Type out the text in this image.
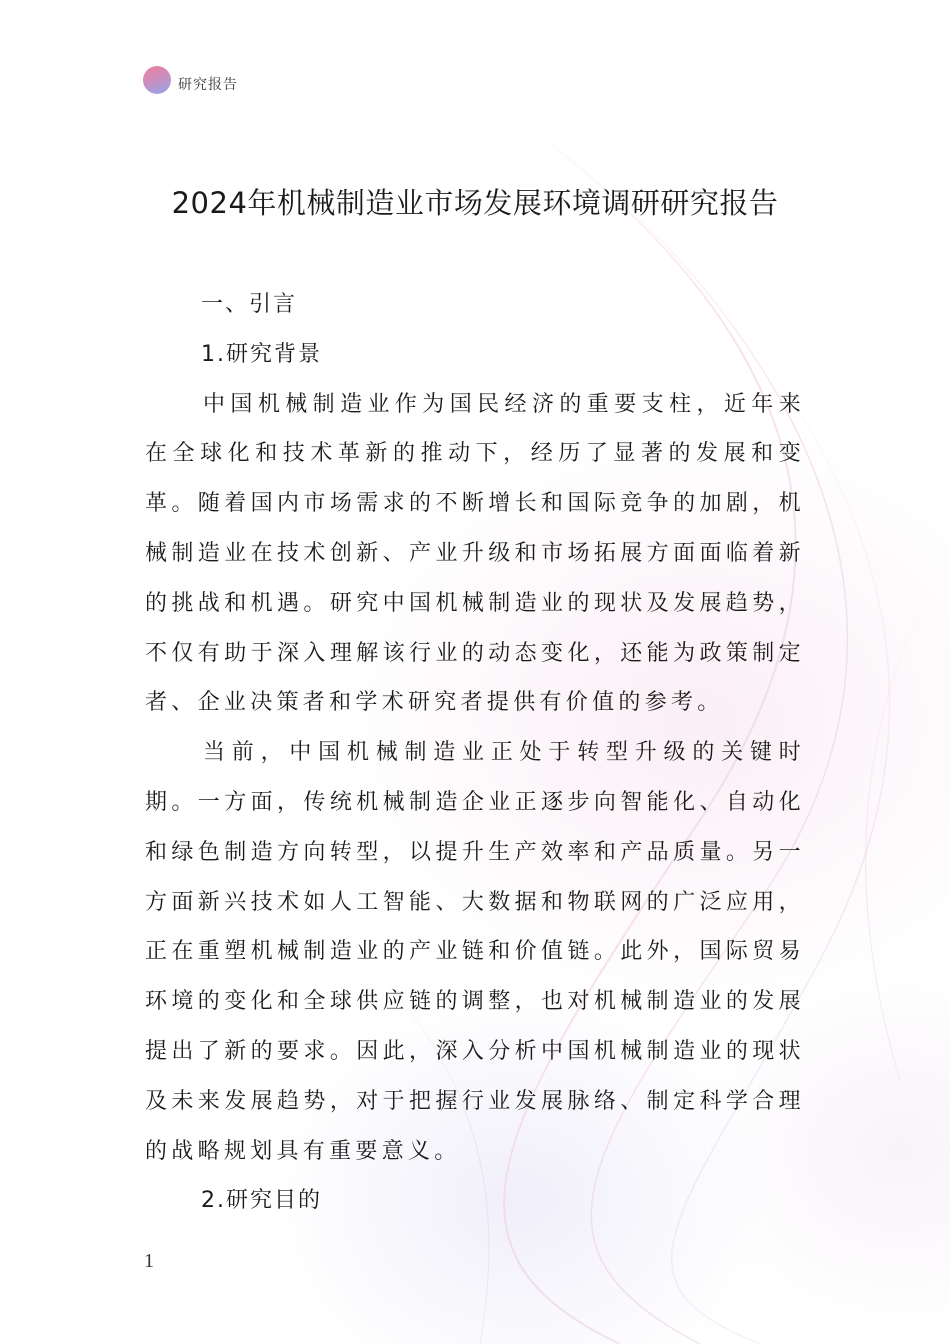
研究报告
2024年机械制造业市场发展环境调研研究报告
一、引言
1.研究背景

中国机械制造业作为国民经济的重要支柱，近年来在全球化和技术革新的推动下，经历了显著的发展和变革。随着国内市场需求的不断增长和国际竞争的加剧，机械制造业在技术创新、产业升级和市场拓展方面面临着新的挑战和机遇。研究中国机械制造业的现状及发展趋势，不仅有助于深入理解该行业的动态变化，还能为政策制定者、企业决策者和学术研究者提供有价值的参考。

当前，中国机械制造业正处于转型升级的关键时期。一方面，传统机械制造企业正逐步向智能化、自动化和绿色制造方向转型，以提升生产效率和产品质量。另一方面新兴技术如人工智能、大数据和物联网的广泛应用，正在重塑机械制造业的产业链和价值链。此外，国际贸易环境的变化和全球供应链的调整，也对机械制造业的发展提出了新的要求。因此，深入分析中国机械制造业的现状及未来发展趋势，对于把握行业发展脉络、制定科学合理的战略规划具有重要意义。

2.研究目的
1
